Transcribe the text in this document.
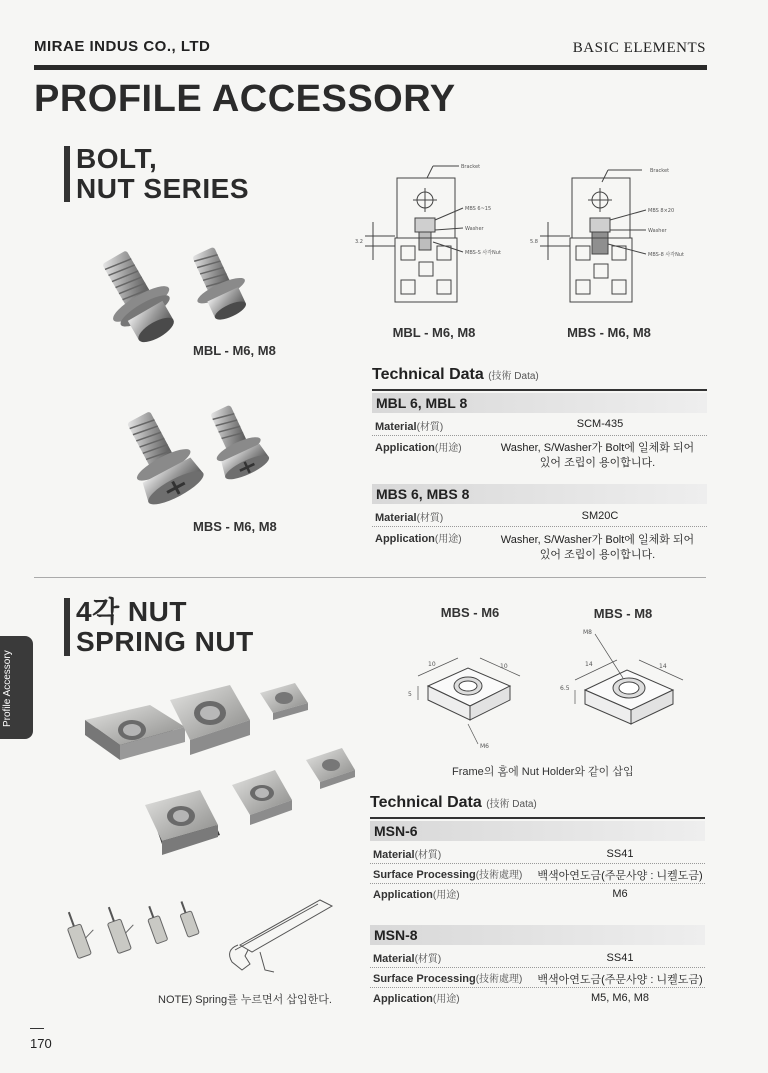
MIRAE INDUS CO., LTD	BASIC ELEMENTS
PROFILE ACCESSORY
BOLT,
NUT SERIES
MBL - M6, M8
MBS - M6, M8
Bracket
MBS 6~15
Washer
MBS-S 사각Nut
3.2
MBL - M6, M8
Bracket
MBS 8×20
Washer
MBS-8 사각Nut
5.8
MBS - M6, M8
Technical Data (技術 Data)
MBL 6, MBL 8
Material(材質)	SCM-435
Application(用途)	Washer, S/Washer가 Bolt에 일체화 되어
있어 조립이 용이합니다.
MBS 6, MBS 8
Material(材質)	SM20C
Application(用途)	Washer, S/Washer가 Bolt에 일체화 되어
있어 조립이 용이합니다.
Profile Accessory
4각 NUT
SPRING NUT
NOTE) Spring를 누르면서 삽입한다.
MBS - M6	MBS - M8
10	10
5
M6
M8
14	14
6.5
Frame의 홈에 Nut Holder와 같이 삽입
Technical Data (技術 Data)
MSN-6
Material(材質)	SS41
Surface Processing(技術處理)	백색아연도금(주문사양 : 니켈도금)
Application(用途)	M6
MSN-8
Material(材質)	SS41
Surface Processing(技術處理)	백색아연도금(주문사양 : 니켈도금)
Application(用途)	M5, M6, M8
170
